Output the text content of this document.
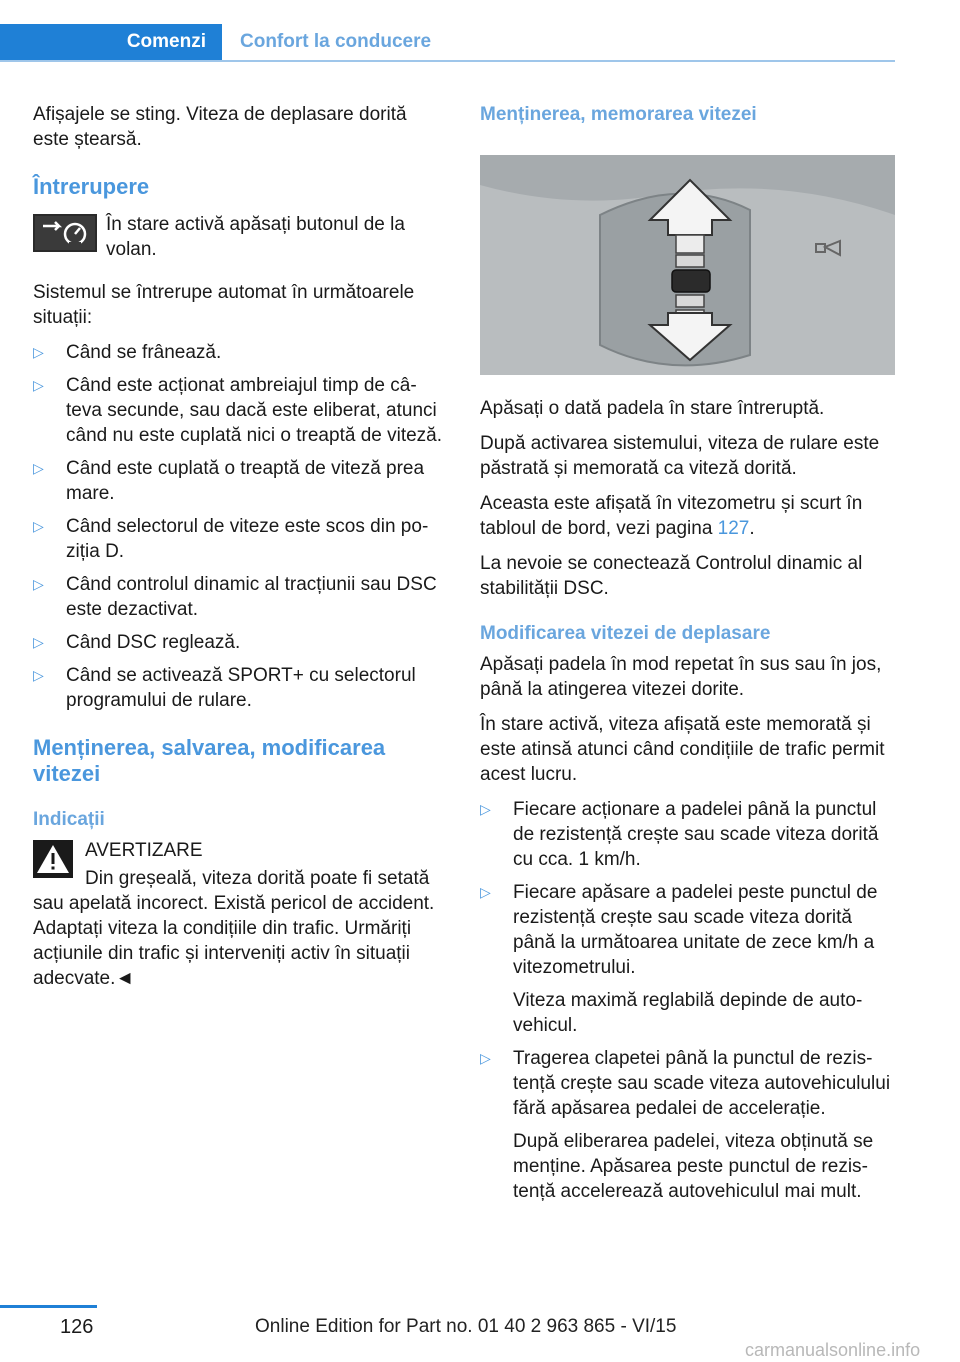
Comenzi	Confort la conducere

Afișajele se sting. Viteza de deplasare dorită este ștearsă.

Întrerupere
În stare activă apăsați butonul de la volan.

Sistemul se întrerupe automat în următoarele situații:

▷ Când se frânează.
▷ Când este acționat ambreiajul timp de câteva secunde, sau dacă este eliberat, atunci când nu este cuplată nici o treaptă de viteză.
▷ Când este cuplată o treaptă de viteză prea mare.
▷ Când selectorul de viteze este scos din poziția D.
▷ Când controlul dinamic al tracțiunii sau DSC este dezactivat.
▷ Când DSC reglează.
▷ Când se activează SPORT+ cu selectorul programului de rulare.
Menținerea, salvarea, modificarea vitezei
Indicații
AVERTIZARE
Din greșeală, viteza dorită poate fi setată sau apelată incorect. Există pericol de accident. Adaptați viteza la condițiile din trafic. Urmăriți acțiunile din trafic și interveniți activ în situații adecvate.◄
Menținerea, memorarea vitezei

Apăsați o dată padela în stare întreruptă.

După activarea sistemului, viteza de rulare este păstrată și memorată ca viteză dorită.

Aceasta este afișată în vitezometru și scurt în tabloul de bord, vezi pagina 127.

La nevoie se conectează Controlul dinamic al stabilității DSC.

Modificarea vitezei de deplasare

Apăsați padela în mod repetat în sus sau în jos, până la atingerea vitezei dorite.

În stare activă, viteza afișată este memorată și este atinsă atunci când condițiile de trafic permit acest lucru.

▷ Fiecare acționare a padelei până la punctul de rezistență crește sau scade viteza dorită cu cca. 1 km/h.
▷ Fiecare apăsare a padelei peste punctul de rezistență crește sau scade viteza dorită până la următoarea unitate de zece km/h a vitezometrului.
Viteza maximă reglabilă depinde de autovehicul.
▷ Tragerea clapetei până la punctul de rezistență crește sau scade viteza autovehiculului fără apăsarea pedalei de accelerație.
După eliberarea padelei, viteza obținută se menține. Apăsarea peste punctul de rezistență accelerează autovehiculul mai mult.
126	Online Edition for Part no. 01 40 2 963 865 - VI/15
carmanualsonline.info
